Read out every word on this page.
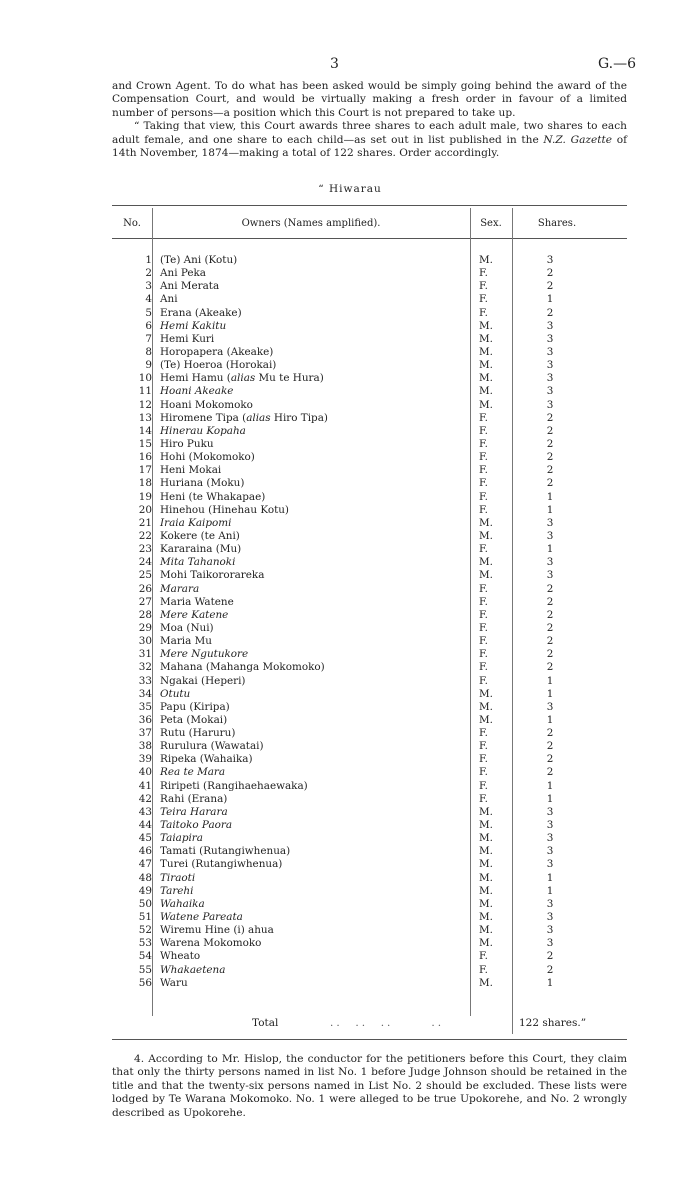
3	G.—6
and Crown Agent. To do what has been asked would be simply going behind the award of the Compensation Court, and would be virtually making a fresh order in favour of a limited number of persons—a position which this Court is not prepared to take up.
“ Taking that view, this Court awards three shares to each adult male, two shares to each adult female, and one share to each child—as set out in list published in the N.Z. Gazette of 14th November, 1874—making a total of 122 shares. Order accordingly.
“ Hiwarau
No.	Owners (Names amplified).	Sex.	Shares.
1 (Te) Ani (Kotu)	M.	3
2 Ani Peka	F.	2
3 Ani Merata	F.	2
4 Ani	F.	1
5 Erana (Akeake)	F.	2
6 Hemi Kakitu	M.	3
7 Hemi Kuri	M.	3
8 Horopapera (Akeake)	M.	3
9 (Te) Hoeroa (Horokai)	M.	3
10 Hemi Hamu (alias Mu te Hura)	M.	3
11 Hoani Akeake	M.	3
12 Hoani Mokomoko	M.	3
13 Hiromene Tipa (alias Hiro Tipa)	F.	2
14 Hinerau Kopaha	F.	2
15 Hiro Puku	F.	2
16 Hohi (Mokomoko)	F.	2
17 Heni Mokai	F.	2
18 Huriana (Moku)	F.	2
19 Heni (te Whakapae)	F.	1
20 Hinehou (Hinehau Kotu)	F.	1
21 Iraia Kaipomi	M.	3
22 Kokere (te Ani)	M.	3
23 Kararaina (Mu)	F.	1
24 Mita Tahanoki	M.	3
25 Mohi Taikororareka	M.	3
26 Marara	F.	2
27 Maria Watene	F.	2
28 Mere Katene	F.	2
29 Moa (Nui)	F.	2
30 Maria Mu	F.	2
31 Mere Ngutukore	F.	2
32 Mahana (Mahanga Mokomoko)	F.	2
33 Ngakai (Heperi)	F.	1
34 Otutu	M.	1
35 Papu (Kiripa)	M.	3
36 Peta (Mokai)	M.	1
37 Rutu (Haruru)	F.	2
38 Rurulura (Wawatai)	F.	2
39 Ripeka (Wahaika)	F.	2
40 Rea te Mara	F.	2
41 Riripeti (Rangihaehaewaka)	F.	1
42 Rahi (Erana)	F.	1
43 Teira Harara	M.	3
44 Taitoko Paora	M.	3
45 Taiapira	M.	3
46 Tamati (Rutangiwhenua)	M.	3
47 Turei (Rutangiwhenua)	M.	3
48 Tiraoti	M.	1
49 Tarehi	M.	1
50 Wahaika	M.	3
51 Watene Pareata	M.	3
52 Wiremu Hine (i) ahua	M.	3
53 Warena Mokomoko	M.	3
54 Wheato	F.	2
55 Whakaetena	F.	2
56 Waru	M.	1
Total	..  ..  ..      ..	122 shares.”
4. According to Mr. Hislop, the conductor for the petitioners before this Court, they claim that only the thirty persons named in list No. 1 before Judge Johnson should be retained in the title and that the twenty-six persons named in List No. 2 should be excluded. These lists were lodged by Te Warana Mokomoko. No. 1 were alleged to be true Upokorehe, and No. 2 wrongly described as Upokorehe.
